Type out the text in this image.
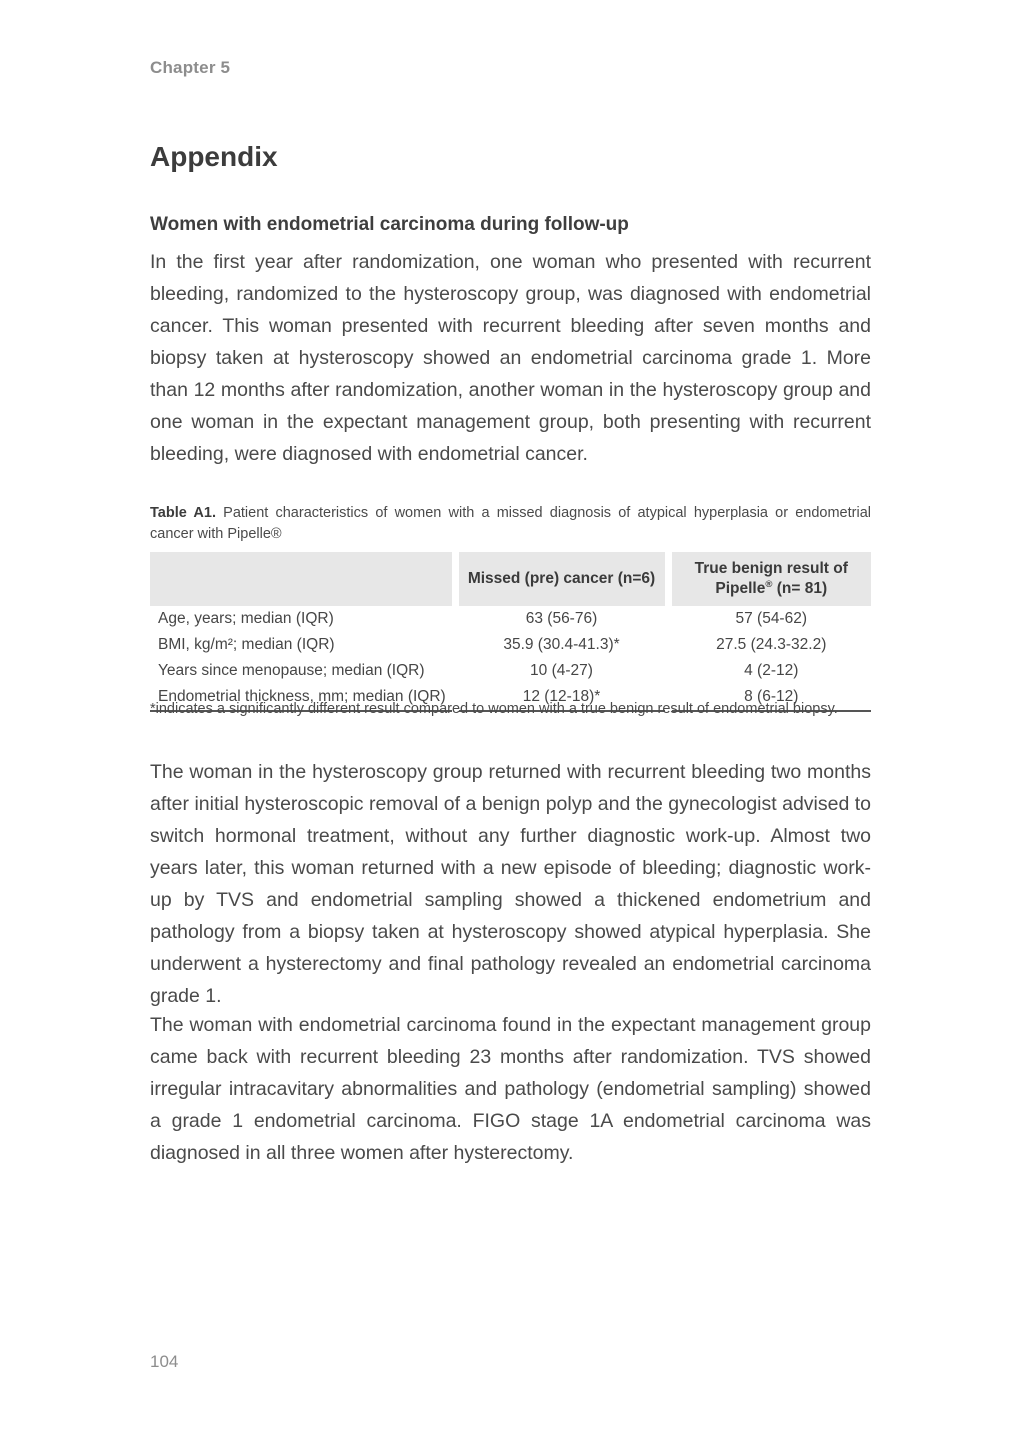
Chapter 5
Appendix
Women with endometrial carcinoma during follow-up

In the first year after randomization, one woman who presented with recurrent bleeding, randomized to the hysteroscopy group, was diagnosed with endometrial cancer. This woman presented with recurrent bleeding after seven months and biopsy taken at hysteroscopy showed an endometrial carcinoma grade 1. More than 12 months after randomization, another woman in the hysteroscopy group and one woman in the expectant management group, both presenting with recurrent bleeding, were diagnosed with endometrial cancer.

Table A1. Patient characteristics of women with a missed diagnosis of atypical hyperplasia or endometrial cancer with Pipelle®
	Missed (pre) cancer (n=6)	True benign result of Pipelle® (n= 81)
Age, years; median (IQR)	63 (56-76)	57 (54-62)
BMI, kg/m²; median (IQR)	35.9 (30.4-41.3)*	27.5 (24.3-32.2)
Years since menopause; median (IQR)	10 (4-27)	4 (2-12)
Endometrial thickness, mm; median (IQR)	12 (12-18)*	8 (6-12)
*indicates a significantly different result compared to women with a true benign result of endometrial biopsy.

The woman in the hysteroscopy group returned with recurrent bleeding two months after initial hysteroscopic removal of a benign polyp and the gynecologist advised to switch hormonal treatment, without any further diagnostic work-up. Almost two years later, this woman returned with a new episode of bleeding; diagnostic work-up by TVS and endometrial sampling showed a thickened endometrium and pathology from a biopsy taken at hysteroscopy showed atypical hyperplasia. She underwent a hysterectomy and final pathology revealed an endometrial carcinoma grade 1.

The woman with endometrial carcinoma found in the expectant management group came back with recurrent bleeding 23 months after randomization. TVS showed irregular intracavitary abnormalities and pathology (endometrial sampling) showed a grade 1 endometrial carcinoma. FIGO stage 1A endometrial carcinoma was diagnosed in all three women after hysterectomy.

104
